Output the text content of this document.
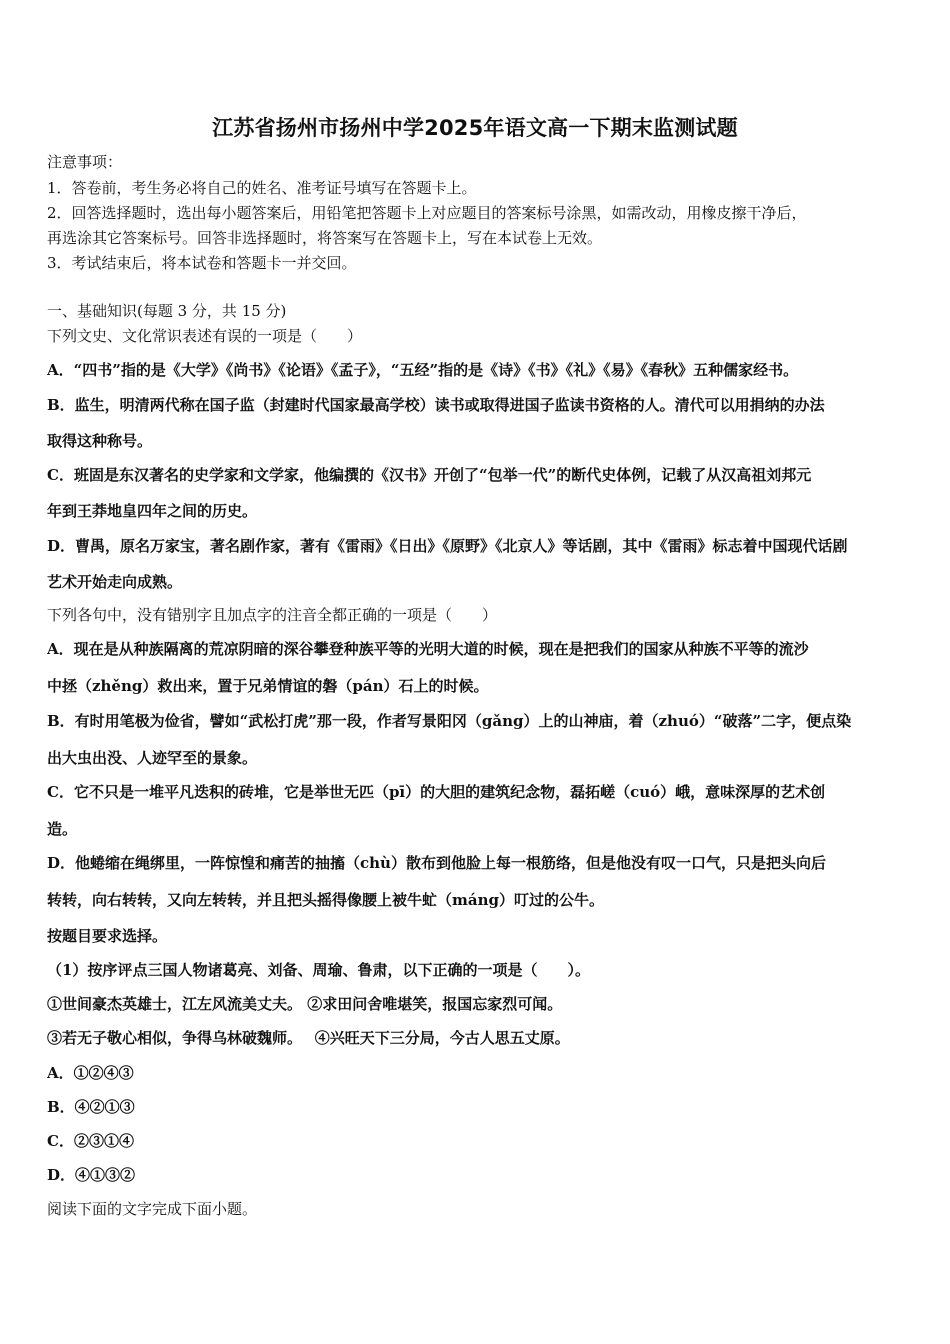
江苏省扬州市扬州中学2025年语文高一下期末监测试题
注意事项：
1．答卷前，考生务必将自己的姓名、准考证号填写在答题卡上。
2．回答选择题时，选出每小题答案后，用铅笔把答题卡上对应题目的答案标号涂黑，如需改动，用橡皮擦干净后，
再选涂其它答案标号。回答非选择题时，将答案写在答题卡上，写在本试卷上无效。
3．考试结束后，将本试卷和答题卡一并交回。
一、基础知识(每题 3 分，共 15 分)
下列文史、文化常识表述有误的一项是（　　）
A．“四书”指的是《大学》《尚书》《论语》《孟子》，“五经”指的是《诗》《书》《礼》《易》《春秋》五种儒家经书。
B．监生，明清两代称在国子监（封建时代国家最高学校）读书或取得进国子监读书资格的人。清代可以用捐纳的办法
取得这种称号。
C．班固是东汉著名的史学家和文学家，他编撰的《汉书》开创了“包举一代”的断代史体例，记载了从汉高祖刘邦元
年到王莽地皇四年之间的历史。
D．曹禺，原名万家宝，著名剧作家，著有《雷雨》《日出》《原野》《北京人》等话剧，其中《雷雨》标志着中国现代话剧
艺术开始走向成熟。
下列各句中，没有错别字且加点字的注音全都正确的一项是（　　）
A．现在是从种族隔离的荒凉阴暗的深谷攀登种族平等的光明大道的时候，现在是把我们的国家从种族不平等的流沙
中拯（zhěng）救出来，置于兄弟情谊的磐（pán）石上的时候。
B．有时用笔极为俭省，譬如“武松打虎”那一段，作者写景阳冈（gǎng）上的山神庙，着（zhuó）“破落”二字，便点染
出大虫出没、人迹罕至的景象。
C．它不只是一堆平凡迭积的砖堆，它是举世无匹（pī）的大胆的建筑纪念物，磊拓嵯（cuó）峨，意味深厚的艺术创
造。
D．他蜷缩在绳绑里，一阵惊惶和痛苦的抽搐（chù）散布到他脸上每一根筋络，但是他没有叹一口气，只是把头向后
转转，向右转转，又向左转转，并且把头摇得像腰上被牛虻（máng）叮过的公牛。
按题目要求选择。
（1）按序评点三国人物诸葛亮、刘备、周瑜、鲁肃，以下正确的一项是（　　）。
①世间豪杰英雄士，江左风流美丈夫。 ②求田问舍唯堪笑，报国忘家烈可闻。
③若无子敬心相似，争得乌林破魏师。　 ④兴旺天下三分局，今古人思五丈原。
A．①②④③
B．④②①③
C．②③①④
D．④①③②
阅读下面的文字完成下面小题。
